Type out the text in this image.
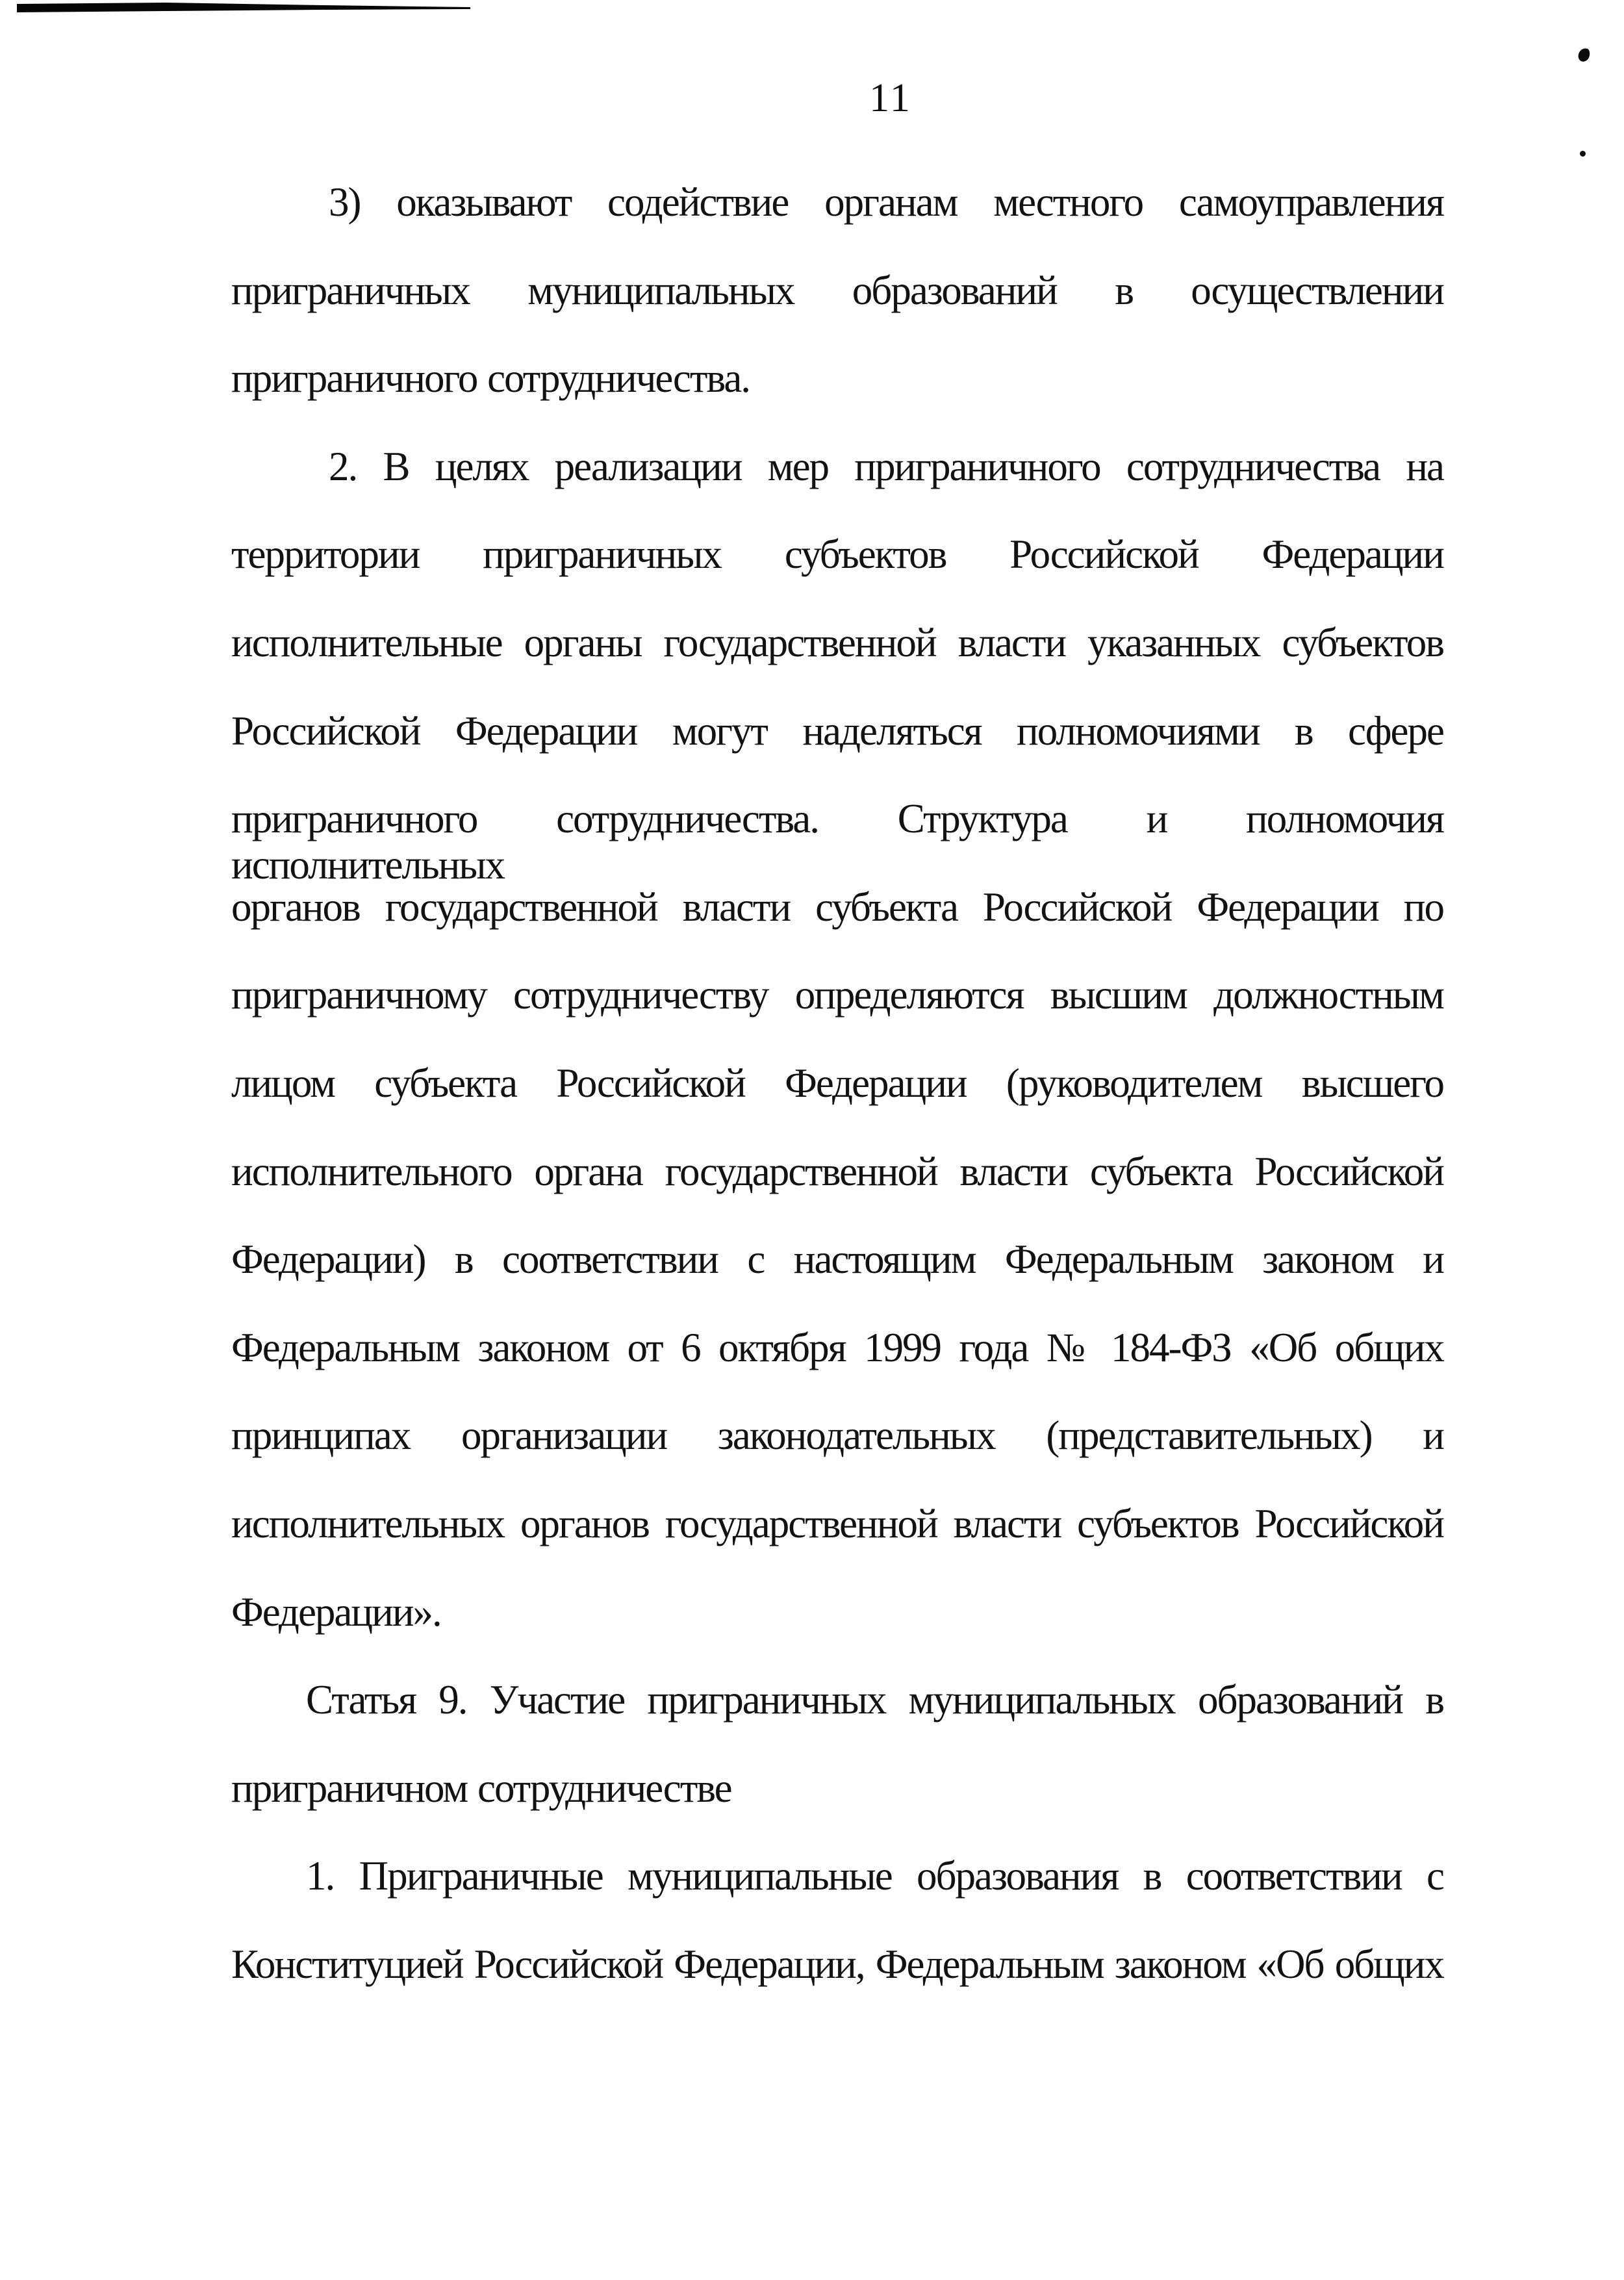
11
3) оказывают содействие органам местного самоуправления
приграничных муниципальных образований в осуществлении
приграничного сотрудничества.
2. В целях реализации мер приграничного сотрудничества на
территории приграничных субъектов Российской Федерации
исполнительные органы государственной власти указанных субъектов
Российской Федерации могут наделяться полномочиями в сфере
приграничного сотрудничества. Структура и полномочия исполнительных
органов государственной власти субъекта Российской Федерации по
приграничному сотрудничеству определяются высшим должностным
лицом субъекта Российской Федерации (руководителем высшего
исполнительного органа государственной власти субъекта Российской
Федерации) в соответствии с настоящим Федеральным законом и
Федеральным законом от 6 октября 1999 года № 184-ФЗ «Об общих
принципах организации законодательных (представительных) и
исполнительных органов государственной власти субъектов Российской
Федерации».
Статья 9. Участие приграничных муниципальных образований в
приграничном сотрудничестве
1. Приграничные муниципальные образования в соответствии с
Конституцией Российской Федерации, Федеральным законом «Об общих
